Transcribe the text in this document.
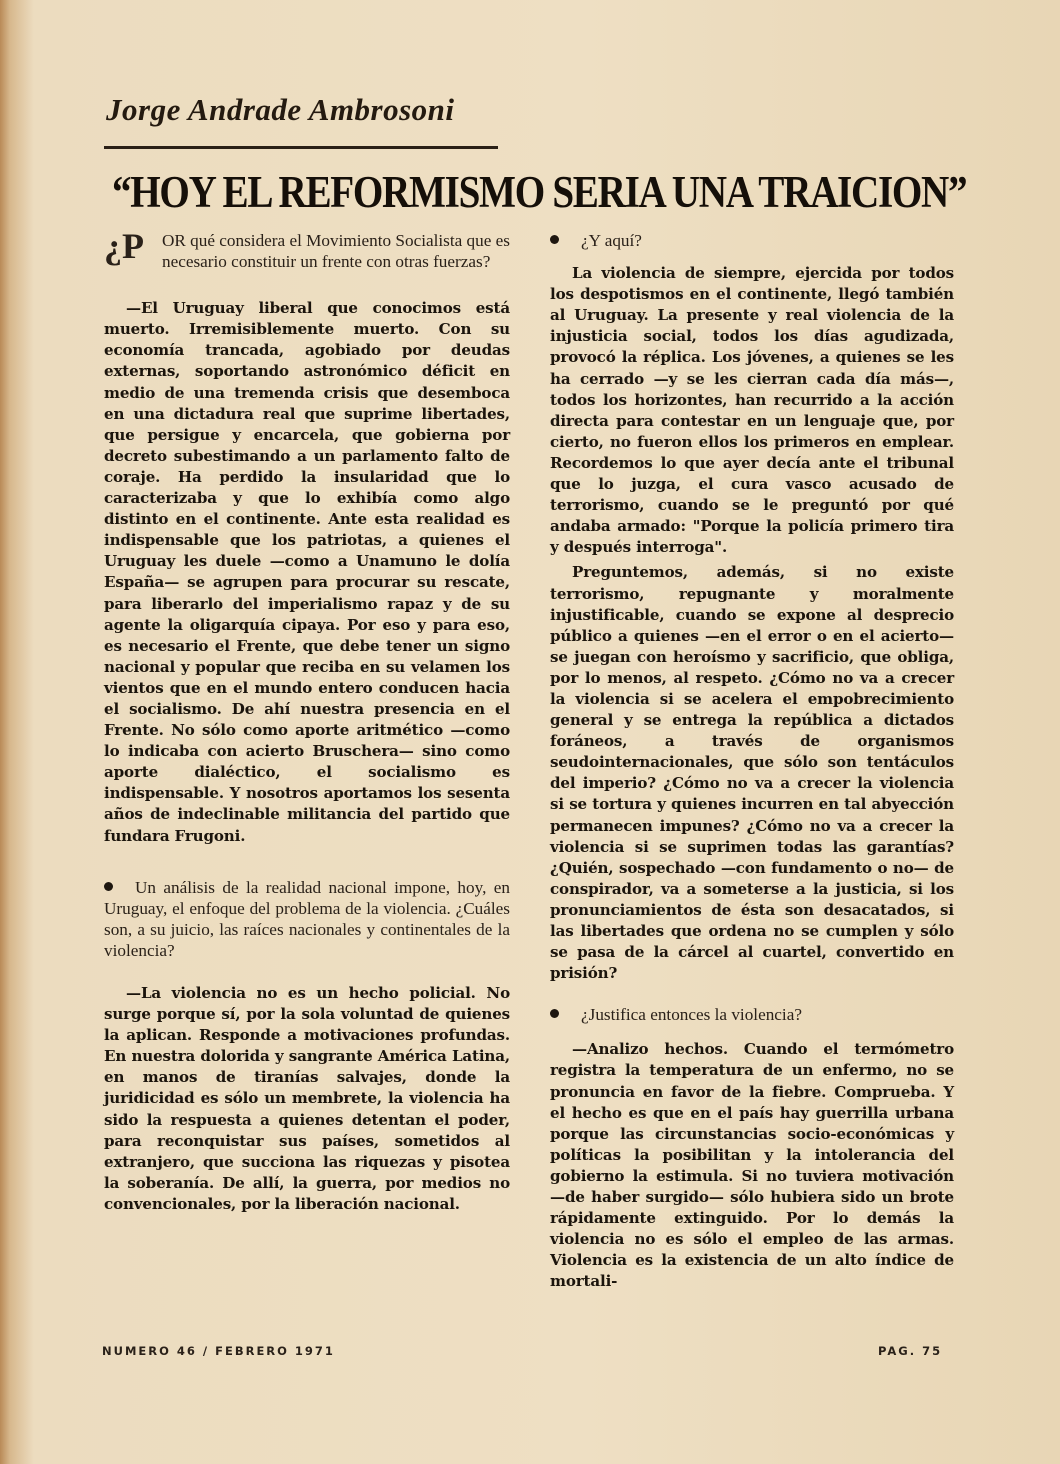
Jorge Andrade Ambrosoni
“HOY EL REFORMISMO SERIA UNA TRAICION”
¿P OR qué considera el Movimiento Socialista que es necesario constituir un frente con otras fuerzas?

—El Uruguay liberal que conocimos está muerto. Irremisiblemente muerto. Con su economía trancada, agobiado por deudas externas, soportando astronómico déficit en medio de una tremenda crisis que desemboca en una dictadura real que suprime libertades, que persigue y encarcela, que gobierna por decreto subestimando a un parlamento falto de coraje. Ha perdido la insularidad que lo caracterizaba y que lo exhibía como algo distinto en el continente. Ante esta realidad es indispensable que los patriotas, a quienes el Uruguay les duele —como a Unamuno le dolía España— se agrupen para procurar su rescate, para liberarlo del imperialismo rapaz y de su agente la oligarquía cipaya. Por eso y para eso, es necesario el Frente, que debe tener un signo nacional y popular que reciba en su velamen los vientos que en el mundo entero conducen hacia el socialismo. De ahí nuestra presencia en el Frente. No sólo como aporte aritmético —como lo indicaba con acierto Bruschera— sino como aporte dialéctico, el socialismo es indispensable. Y nosotros aportamos los sesenta años de indeclinable militancia del partido que fundara Frugoni.

Un análisis de la realidad nacional impone, hoy, en Uruguay, el enfoque del problema de la violencia. ¿Cuáles son, a su juicio, las raíces nacionales y continentales de la violencia?

—La violencia no es un hecho policial. No surge porque sí, por la sola voluntad de quienes la aplican. Responde a motivaciones profundas. En nuestra dolorida y sangrante América Latina, en manos de tiranías salvajes, donde la juridicidad es sólo un membrete, la violencia ha sido la respuesta a quienes detentan el poder, para reconquistar sus países, sometidos al extranjero, que succiona las riquezas y pisotea la soberanía. De allí, la guerra, por medios no convencionales, por la liberación nacional.

¿Y aquí?

La violencia de siempre, ejercida por todos los despotismos en el continente, llegó también al Uruguay. La presente y real violencia de la injusticia social, todos los días agudizada, provocó la réplica. Los jóvenes, a quienes se les ha cerrado —y se les cierran cada día más—, todos los horizontes, han recurrido a la acción directa para contestar en un lenguaje que, por cierto, no fueron ellos los primeros en emplear. Recordemos lo que ayer decía ante el tribunal que lo juzga, el cura vasco acusado de terrorismo, cuando se le preguntó por qué andaba armado: "Porque la policía primero tira y después interroga".

Preguntemos, además, si no existe terrorismo, repugnante y moralmente injustificable, cuando se expone al desprecio público a quienes —en el error o en el acierto— se juegan con heroísmo y sacrificio, que obliga, por lo menos, al respeto. ¿Cómo no va a crecer la violencia si se acelera el empobrecimiento general y se entrega la república a dictados foráneos, a través de organismos seudointernacionales, que sólo son tentáculos del imperio? ¿Cómo no va a crecer la violencia si se tortura y quienes incurren en tal abyección permanecen impunes? ¿Cómo no va a crecer la violencia si se suprimen todas las garantías? ¿Quién, sospechado —con fundamento o no— de conspirador, va a someterse a la justicia, si los pronunciamientos de ésta son desacatados, si las libertades que ordena no se cumplen y sólo se pasa de la cárcel al cuartel, convertido en prisión?

¿Justifica entonces la violencia?

—Analizo hechos. Cuando el termómetro registra la temperatura de un enfermo, no se pronuncia en favor de la fiebre. Comprueba. Y el hecho es que en el país hay guerrilla urbana porque las circunstancias socio-económicas y políticas la posibilitan y la intolerancia del gobierno la estimula. Si no tuviera motivación —de haber surgido— sólo hubiera sido un brote rápidamente extinguido. Por lo demás la violencia no es sólo el empleo de las armas. Violencia es la existencia de un alto índice de mortali-

NUMERO 46 / FEBRERO 1971	PAG. 75
